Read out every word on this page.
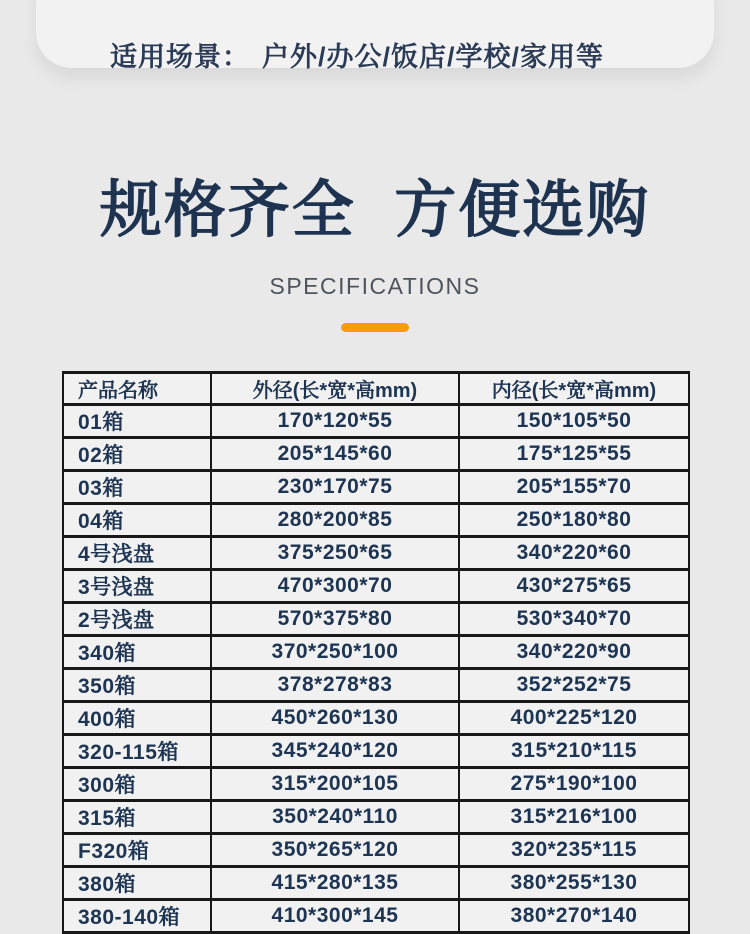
适用场景： 户外/办公/饭店/学校/家用等

规格齐全  方便选购
SPECIFICATIONS
产品名称	外径(长*宽*高mm)	内径(长*宽*高mm)
01箱	170*120*55	150*105*50
02箱	205*145*60	175*125*55
03箱	230*170*75	205*155*70
04箱	280*200*85	250*180*80
4号浅盘	375*250*65	340*220*60
3号浅盘	470*300*70	430*275*65
2号浅盘	570*375*80	530*340*70
340箱	370*250*100	340*220*90
350箱	378*278*83	352*252*75
400箱	450*260*130	400*225*120
320-115箱	345*240*120	315*210*115
300箱	315*200*105	275*190*100
315箱	350*240*110	315*216*100
F320箱	350*265*120	320*235*115
380箱	415*280*135	380*255*130
380-140箱	410*300*145	380*270*140
